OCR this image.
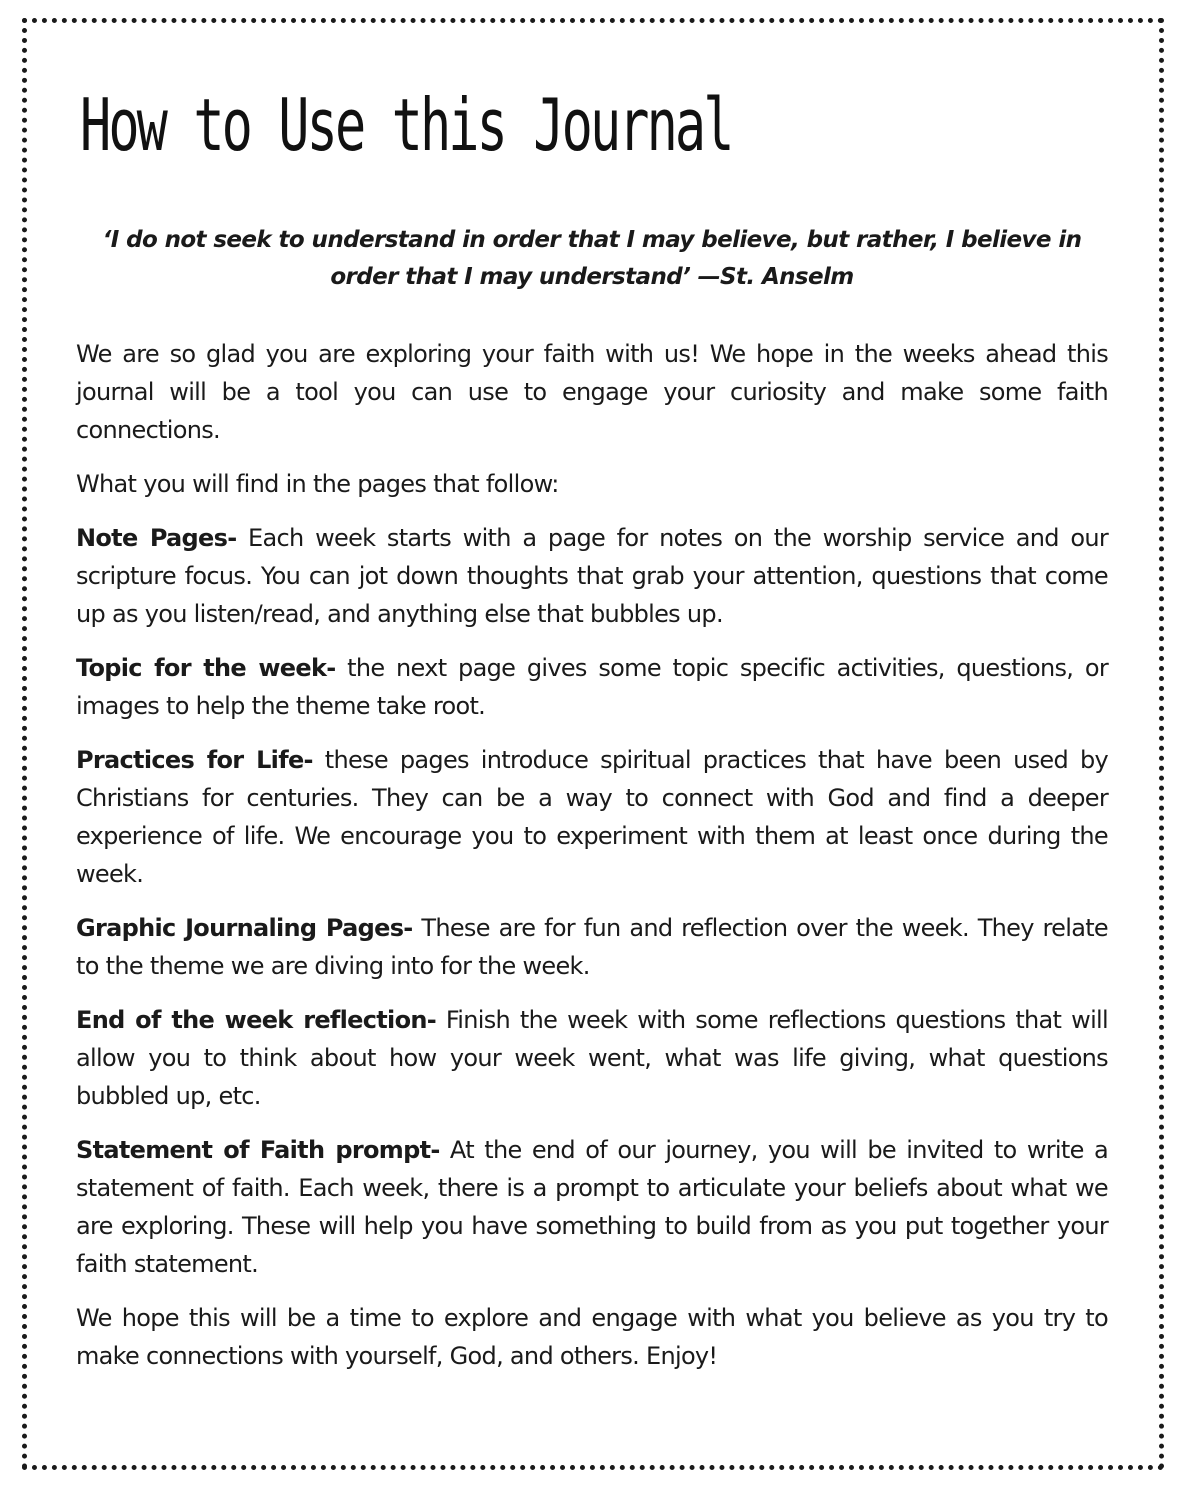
How to Use this Journal

‘I do not seek to understand in order that I may believe, but rather, I believe in order that I may understand’ —St. Anselm

We are so glad you are exploring your faith with us! We hope in the weeks ahead this journal will be a tool you can use to engage your curiosity and make some faith connections.

What you will find in the pages that follow:

Note Pages- Each week starts with a page for notes on the worship service and our scripture focus. You can jot down thoughts that grab your attention, questions that come up as you listen/read, and anything else that bubbles up.

Topic for the week- the next page gives some topic specific activities, questions, or images to help the theme take root.

Practices for Life- these pages introduce spiritual practices that have been used by Christians for centuries. They can be a way to connect with God and find a deeper experience of life. We encourage you to experiment with them at least once during the week.

Graphic Journaling Pages- These are for fun and reflection over the week. They relate to the theme we are diving into for the week.

End of the week reflection- Finish the week with some reflections questions that will allow you to think about how your week went, what was life giving, what questions bubbled up, etc.

Statement of Faith prompt- At the end of our journey, you will be invited to write a statement of faith. Each week, there is a prompt to articulate your beliefs about what we are exploring. These will help you have something to build from as you put together your faith statement.

We hope this will be a time to explore and engage with what you believe as you try to make connections with yourself, God, and others. Enjoy!
